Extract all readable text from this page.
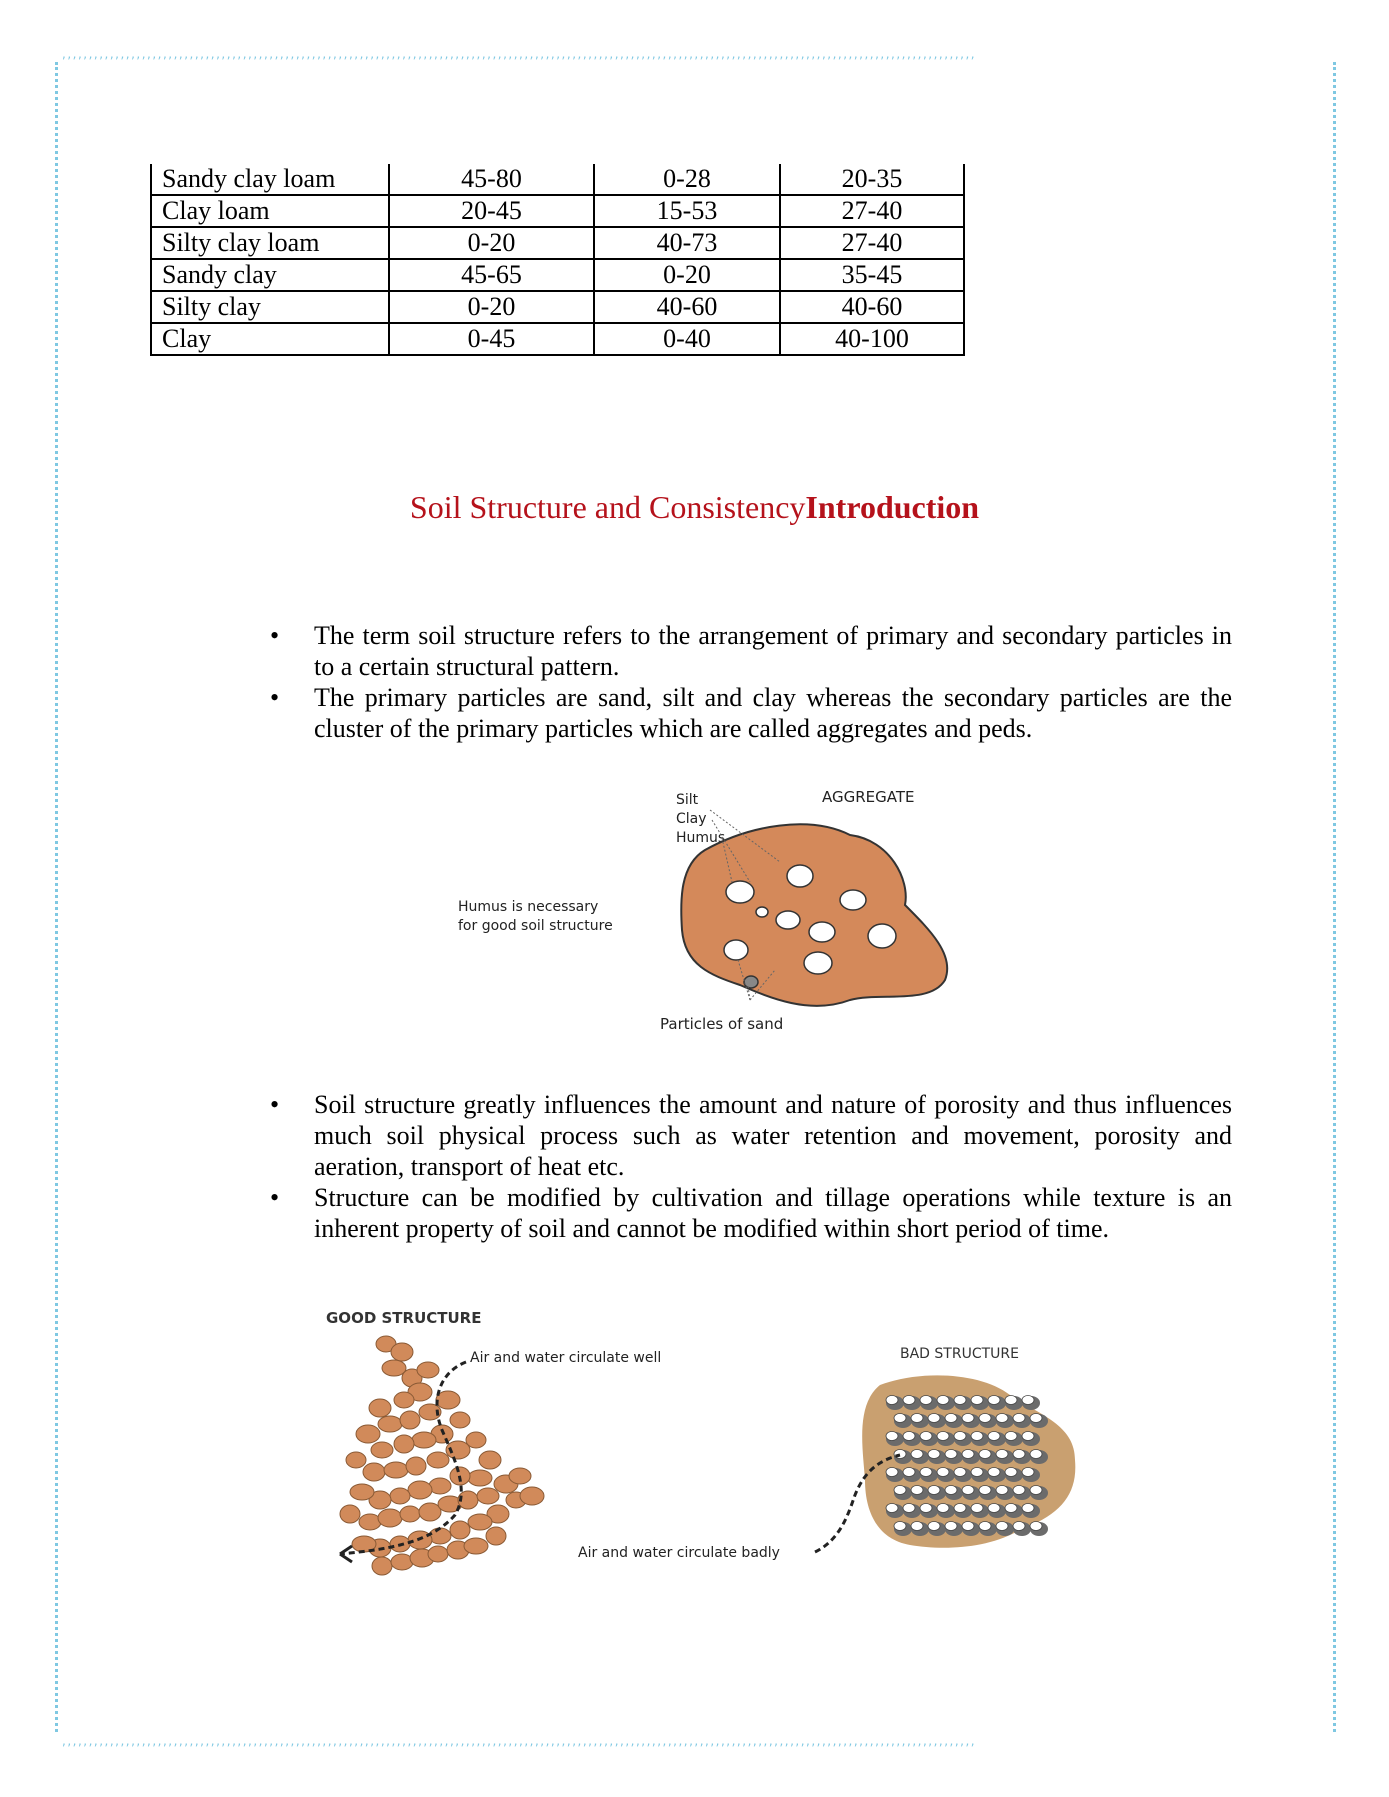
,,,,,,,,,,,,,,,,,,,,,,,,,,,,,,,,,,,,,,,,,,,,,,,,,,,,,,,,,,,,,,,,,,,,,,,,,,,,,,,,,,,,,,,,,,,,,,,,,,,,,,,,,,,,,,,,,,,,,,,,,,,,,,,,,,,,,,,,,,,,,,,,,,,,,,,,,,,,,,,,,,,,,,,,,,,,
,,,,,,,,,,,,,,,,,,,,,,,,,,,,,,,,,,,,,,,,,,,,,,,,,,,,,,,,,,,,,,,,,,,,,,,,,,,,,,,,,,,,,,,,,,,,,,,,,,,,,,,,,,,,,,,,,,,,,,,,,,,,,,,,,,,,,,,,,,,,,,,,,,,,,,,,,,,,,,,,,,,,,,,,,,,,
Sandy clay loam	45-80	0-28	20-35
Clay loam	20-45	15-53	27-40
Silty clay loam	0-20	40-73	27-40
Sandy clay	45-65	0-20	35-45
Silty clay	0-20	40-60	40-60
Clay	0-45	0-40	40-100
Soil Structure and ConsistencyIntroduction
• The term soil structure refers to the arrangement of primary and secondary particles in to a certain structural pattern.
• The primary particles are sand, silt and clay whereas the secondary particles are the cluster of the primary particles which are called aggregates and peds.
AGGREGATE
Silt
Clay
Humus
Humus is necessary
for good soil structure
Particles of sand
• Soil structure greatly influences the amount and nature of porosity and thus influences much soil physical process such as water retention and movement, porosity and aeration, transport of heat etc.
• Structure can be modified by cultivation and tillage operations while texture is an inherent property of soil and cannot be modified within short period of time.
GOOD STRUCTURE
Air and water circulate well	BAD STRUCTURE
Air and water circulate badly
